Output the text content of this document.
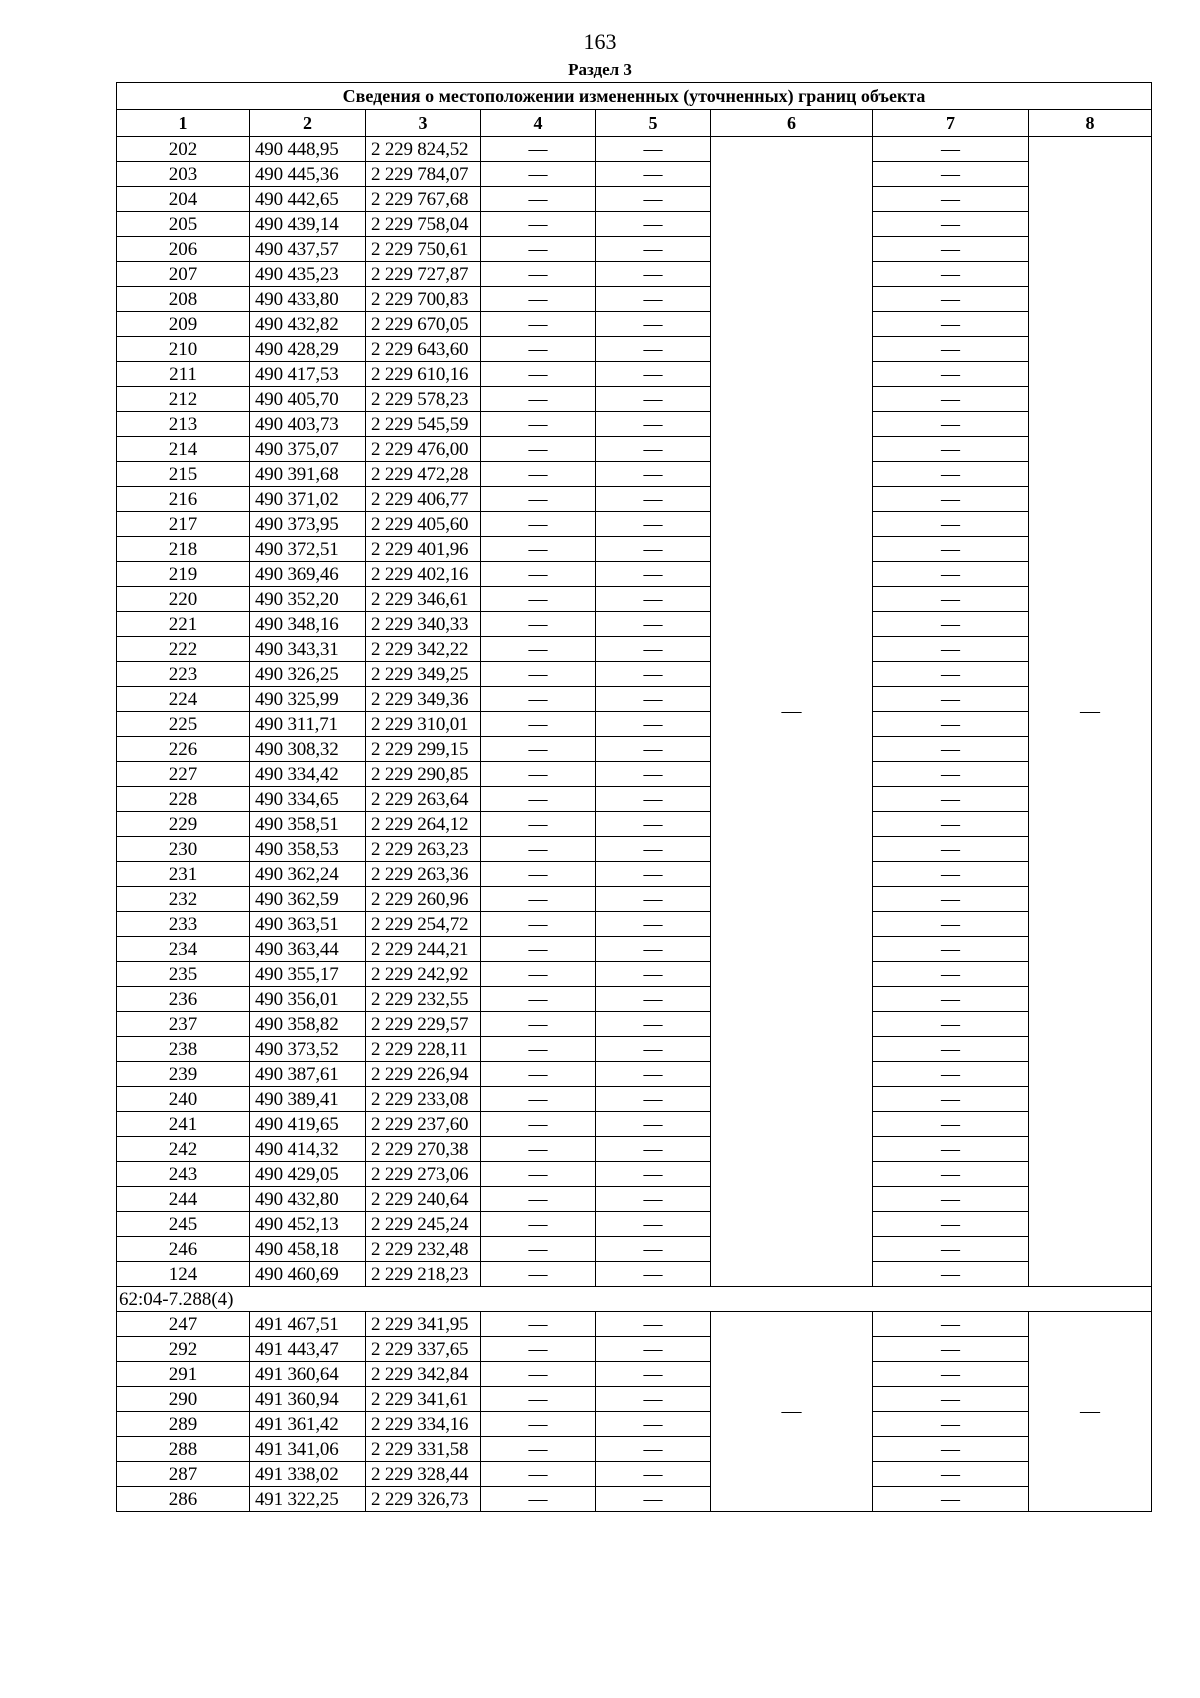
163
Раздел 3
Сведения о местоположении измененных (уточненных) границ объекта							
1	2	3	4	5	6	7	8
202	490 448,95	2 229 824,52	—	—	—	—	—
203	490 445,36	2 229 784,07	—	—		—	
204	490 442,65	2 229 767,68	—	—		—	
205	490 439,14	2 229 758,04	—	—		—	
206	490 437,57	2 229 750,61	—	—		—	
207	490 435,23	2 229 727,87	—	—		—	
208	490 433,80	2 229 700,83	—	—		—	
209	490 432,82	2 229 670,05	—	—		—	
210	490 428,29	2 229 643,60	—	—		—	
211	490 417,53	2 229 610,16	—	—		—	
212	490 405,70	2 229 578,23	—	—		—	
213	490 403,73	2 229 545,59	—	—		—	
214	490 375,07	2 229 476,00	—	—		—	
215	490 391,68	2 229 472,28	—	—		—	
216	490 371,02	2 229 406,77	—	—		—	
217	490 373,95	2 229 405,60	—	—		—	
218	490 372,51	2 229 401,96	—	—		—	
219	490 369,46	2 229 402,16	—	—		—	
220	490 352,20	2 229 346,61	—	—		—	
221	490 348,16	2 229 340,33	—	—		—	
222	490 343,31	2 229 342,22	—	—		—	
223	490 326,25	2 229 349,25	—	—		—	
224	490 325,99	2 229 349,36	—	—		—	
225	490 311,71	2 229 310,01	—	—		—	
226	490 308,32	2 229 299,15	—	—		—	
227	490 334,42	2 229 290,85	—	—		—	
228	490 334,65	2 229 263,64	—	—		—	
229	490 358,51	2 229 264,12	—	—		—	
230	490 358,53	2 229 263,23	—	—		—	
231	490 362,24	2 229 263,36	—	—		—	
232	490 362,59	2 229 260,96	—	—		—	
233	490 363,51	2 229 254,72	—	—		—	
234	490 363,44	2 229 244,21	—	—		—	
235	490 355,17	2 229 242,92	—	—		—	
236	490 356,01	2 229 232,55	—	—		—	
237	490 358,82	2 229 229,57	—	—		—	
238	490 373,52	2 229 228,11	—	—		—	
239	490 387,61	2 229 226,94	—	—		—	
240	490 389,41	2 229 233,08	—	—		—	
241	490 419,65	2 229 237,60	—	—		—	
242	490 414,32	2 229 270,38	—	—		—	
243	490 429,05	2 229 273,06	—	—		—	
244	490 432,80	2 229 240,64	—	—		—	
245	490 452,13	2 229 245,24	—	—		—	
246	490 458,18	2 229 232,48	—	—		—	
124	490 460,69	2 229 218,23	—	—		—	
62:04-7.288(4)							
247	491 467,51	2 229 341,95	—	—	—	—	—
292	491 443,47	2 229 337,65	—	—		—	
291	491 360,64	2 229 342,84	—	—		—	
290	491 360,94	2 229 341,61	—	—		—	
289	491 361,42	2 229 334,16	—	—		—	
288	491 341,06	2 229 331,58	—	—		—	
287	491 338,02	2 229 328,44	—	—		—	
286	491 322,25	2 229 326,73	—	—		—	
